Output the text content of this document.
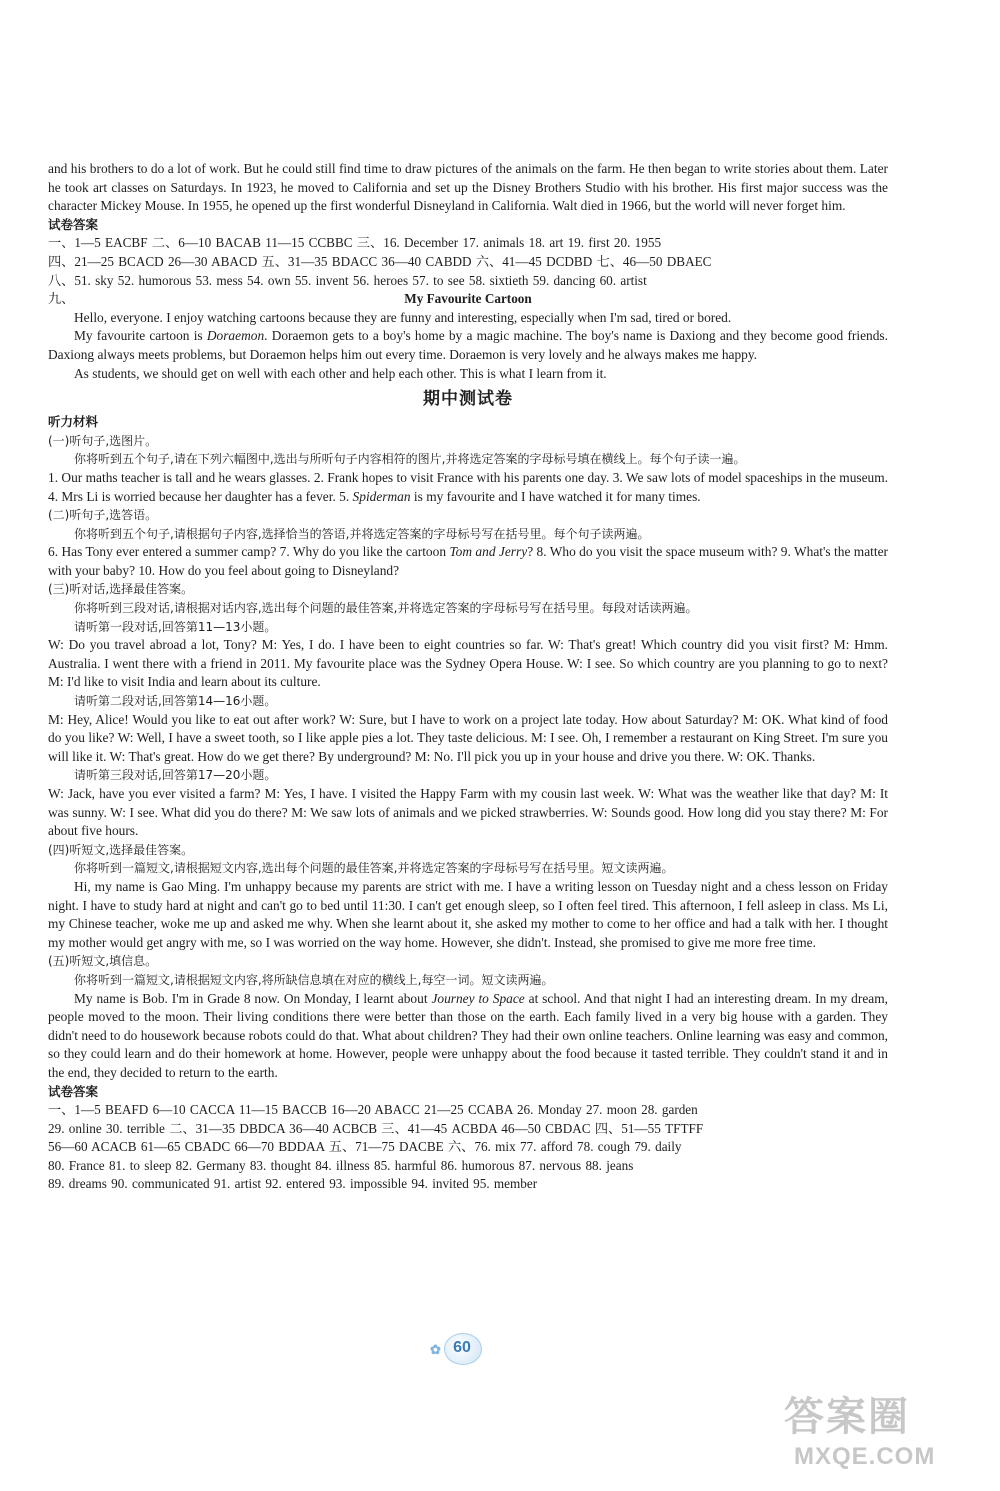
and his brothers to do a lot of work. But he could still find time to draw pictures of the animals on the farm. He then began to write stories about them. Later he took art classes on Saturdays. In 1923, he moved to California and set up the Disney Brothers Studio with his brother. His first major success was the character Mickey Mouse. In 1955, he opened up the first wonderful Disneyland in California. Walt died in 1966, but the world will never forget him.

试卷答案

一、1—5 EACBF 二、6—10 BACAB 11—15 CCBBC 三、16. December 17. animals 18. art 19. first 20. 1955

四、21—25 BCACD 26—30 ABACD 五、31—35 BDACC 36—40 CABDD 六、41—45 DCDBD 七、46—50 DBAEC

八、51. sky 52. humorous 53. mess 54. own 55. invent 56. heroes 57. to see 58. sixtieth 59. dancing 60. artist

九、	My Favourite Cartoon

Hello, everyone. I enjoy watching cartoons because they are funny and interesting, especially when I'm sad, tired or bored.

My favourite cartoon is Doraemon. Doraemon gets to a boy's home by a magic machine. The boy's name is Daxiong and they become good friends. Daxiong always meets problems, but Doraemon helps him out every time. Doraemon is very lovely and he always makes me happy.

As students, we should get on well with each other and help each other. This is what I learn from it.

期中测试卷

听力材料

(一)听句子,选图片。

你将听到五个句子,请在下列六幅图中,选出与所听句子内容相符的图片,并将选定答案的字母标号填在横线上。每个句子读一遍。

1. Our maths teacher is tall and he wears glasses. 2. Frank hopes to visit France with his parents one day. 3. We saw lots of model spaceships in the museum. 4. Mrs Li is worried because her daughter has a fever. 5. Spiderman is my favourite and I have watched it for many times.

(二)听句子,选答语。

你将听到五个句子,请根据句子内容,选择恰当的答语,并将选定答案的字母标号写在括号里。每个句子读两遍。

6. Has Tony ever entered a summer camp? 7. Why do you like the cartoon Tom and Jerry? 8. Who do you visit the space museum with? 9. What's the matter with your baby? 10. How do you feel about going to Disneyland?

(三)听对话,选择最佳答案。

你将听到三段对话,请根据对话内容,选出每个问题的最佳答案,并将选定答案的字母标号写在括号里。每段对话读两遍。

请听第一段对话,回答第11—13小题。

W: Do you travel abroad a lot, Tony? M: Yes, I do. I have been to eight countries so far. W: That's great! Which country did you visit first? M: Hmm. Australia. I went there with a friend in 2011. My favourite place was the Sydney Opera House. W: I see. So which country are you planning to go to next? M: I'd like to visit India and learn about its culture.

请听第二段对话,回答第14—16小题。

M: Hey, Alice! Would you like to eat out after work? W: Sure, but I have to work on a project late today. How about Saturday? M: OK. What kind of food do you like? W: Well, I have a sweet tooth, so I like apple pies a lot. They taste delicious. M: I see. Oh, I remember a restaurant on King Street. I'm sure you will like it. W: That's great. How do we get there? By underground? M: No. I'll pick you up in your house and drive you there. W: OK. Thanks.

请听第三段对话,回答第17—20小题。

W: Jack, have you ever visited a farm? M: Yes, I have. I visited the Happy Farm with my cousin last week. W: What was the weather like that day? M: It was sunny. W: I see. What did you do there? M: We saw lots of animals and we picked strawberries. W: Sounds good. How long did you stay there? M: For about five hours.

(四)听短文,选择最佳答案。

你将听到一篇短文,请根据短文内容,选出每个问题的最佳答案,并将选定答案的字母标号写在括号里。短文读两遍。

Hi, my name is Gao Ming. I'm unhappy because my parents are strict with me. I have a writing lesson on Tuesday night and a chess lesson on Friday night. I have to study hard at night and can't go to bed until 11:30. I can't get enough sleep, so I often feel tired. This afternoon, I fell asleep in class. Ms Li, my Chinese teacher, woke me up and asked me why. When she learnt about it, she asked my mother to come to her office and had a talk with her. I thought my mother would get angry with me, so I was worried on the way home. However, she didn't. Instead, she promised to give me more free time.

(五)听短文,填信息。

你将听到一篇短文,请根据短文内容,将所缺信息填在对应的横线上,每空一词。短文读两遍。

My name is Bob. I'm in Grade 8 now. On Monday, I learnt about Journey to Space at school. And that night I had an interesting dream. In my dream, people moved to the moon. Their living conditions there were better than those on the earth. Each family lived in a very big house with a garden. They didn't need to do housework because robots could do that. What about children? They had their own online teachers. Online learning was easy and common, so they could learn and do their homework at home. However, people were unhappy about the food because it tasted terrible. They couldn't stand it and in the end, they decided to return to the earth.

试卷答案

一、1—5 BEAFD 6—10 CACCA 11—15 BACCB 16—20 ABACC 21—25 CCABA 26. Monday 27. moon 28. garden

29. online 30. terrible 二、31—35 DBDCA 36—40 ACBCB 三、41—45 ACBDA 46—50 CBDAC 四、51—55 TFTFF

56—60 ACACB 61—65 CBADC 66—70 BDDAA 五、71—75 DACBE 六、76. mix 77. afford 78. cough 79. daily

80. France 81. to sleep 82. Germany 83. thought 84. illness 85. harmful 86. humorous 87. nervous 88. jeans

89. dreams 90. communicated 91. artist 92. entered 93. impossible 94. invited 95. member

✿ 60
答案圈
MXQE.COM
